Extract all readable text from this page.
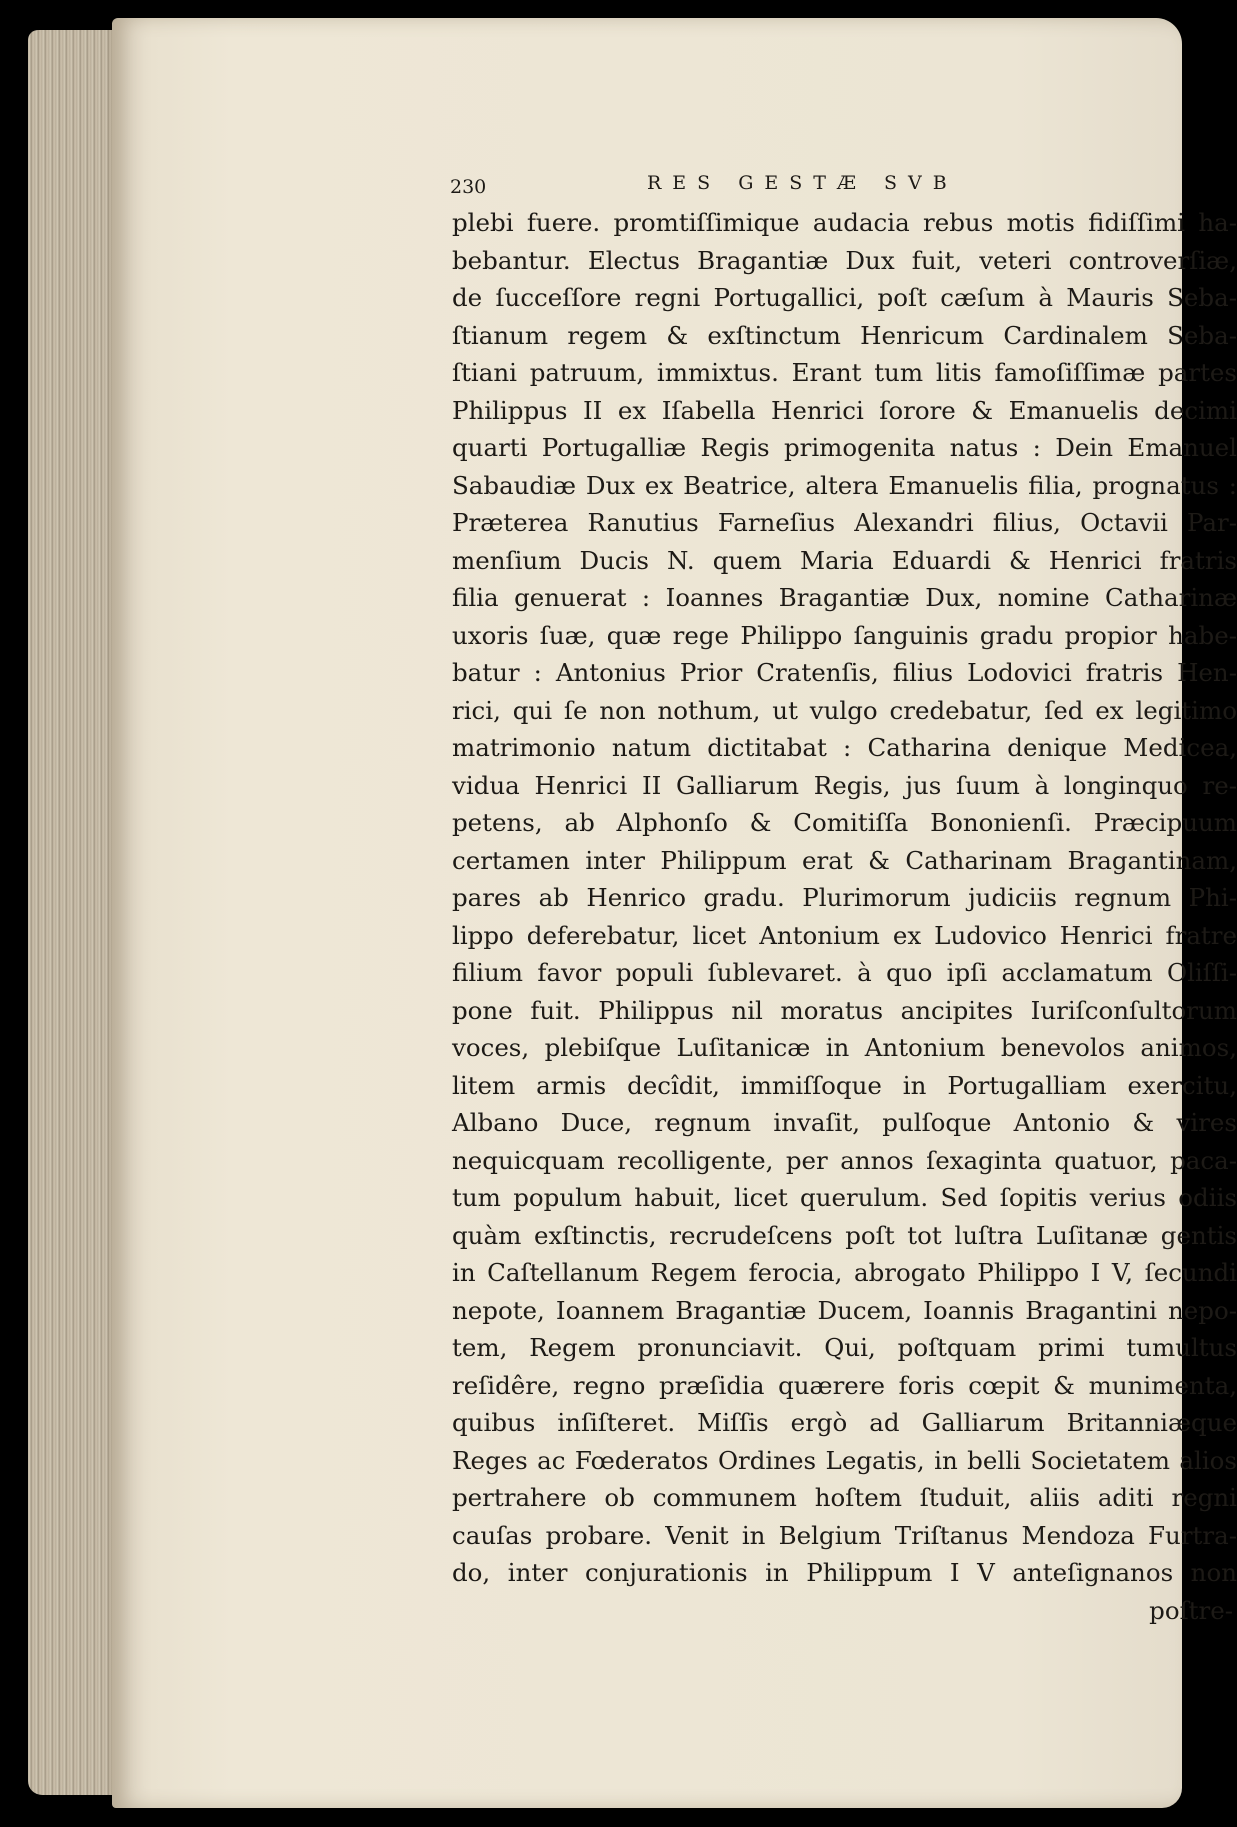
230	RES GESTÆ SVB
plebi fuere. promtiſſimique audacia rebus motis fidiſſimi ha-
bebantur. Electus Bragantiæ Dux fuit, veteri controverſiæ,
de ſucceſſore regni Portugallici, poſt cæſum à Mauris Seba-
ſtianum regem & exſtinctum Henricum Cardinalem Seba-
ſtiani patruum, immixtus. Erant tum litis famoſiſſimæ partes
Philippus II ex Iſabella Henrici ſorore & Emanuelis decimi
quarti Portugalliæ Regis primogenita natus : Dein Emanuel
Sabaudiæ Dux ex Beatrice, altera Emanuelis filia, prognatus :
Præterea Ranutius Farneſius Alexandri filius, Octavii Par-
menſium Ducis N. quem Maria Eduardi & Henrici fratris
filia genuerat : Ioannes Bragantiæ Dux, nomine Catharinæ
uxoris ſuæ, quæ rege Philippo ſanguinis gradu propior habe-
batur : Antonius Prior Cratenſis, filius Lodovici fratris Hen-
rici, qui ſe non nothum, ut vulgo credebatur, ſed ex legitimo
matrimonio natum dictitabat : Catharina denique Medicea,
vidua Henrici II Galliarum Regis, jus ſuum à longinquo re-
petens, ab Alphonſo & Comitiſſa Bononienſi. Præcipuum
certamen inter Philippum erat & Catharinam Bragantinam,
pares ab Henrico gradu. Plurimorum judiciis regnum Phi-
lippo deferebatur, licet Antonium ex Ludovico Henrici fratre
filium favor populi ſublevaret. à quo ipſi acclamatum Oliſſi-
pone fuit. Philippus nil moratus ancipites Iuriſconſultorum
voces, plebiſque Luſitanicæ in Antonium benevolos animos,
litem armis decîdit, immiſſoque in Portugalliam exercitu,
Albano Duce, regnum invaſit, pulſoque Antonio & vires
nequicquam recolligente, per annos ſexaginta quatuor, paca-
tum populum habuit, licet querulum. Sed ſopitis verius odiis
quàm exſtinctis, recrudeſcens poſt tot luſtra Luſitanæ gentis
in Caſtellanum Regem ferocia, abrogato Philippo I V, ſecundi
nepote, Ioannem Bragantiæ Ducem, Ioannis Bragantini nepo-
tem, Regem pronunciavit. Qui, poſtquam primi tumultus
reſidêre, regno præſidia quærere foris cœpit & munimenta,
quibus inſiſteret. Miſſis ergò ad Galliarum Britanniæque
Reges ac Fœderatos Ordines Legatis, in belli Societatem alios
pertrahere ob communem hoſtem ſtuduit, aliis aditi regni
cauſas probare. Venit in Belgium Triſtanus Mendoza Furtra-
do, inter conjurationis in Philippum I V anteſignanos non
poſtre-
